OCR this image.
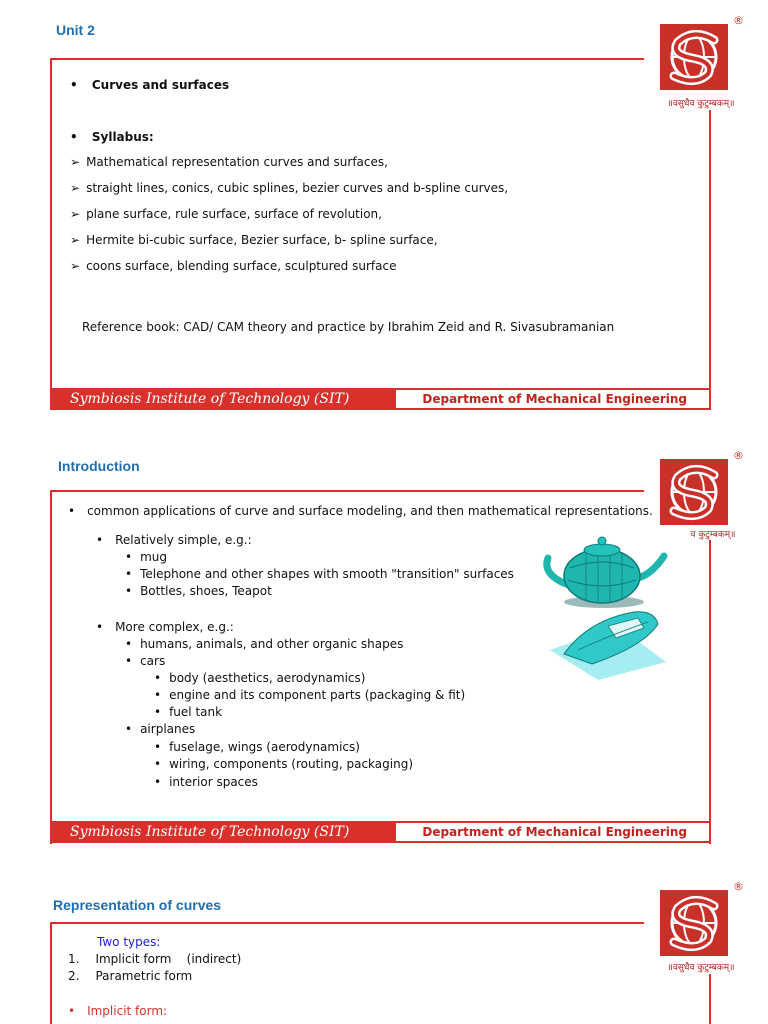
Unit 2
®
॥वसुधैव कुटुम्बकम्॥
• Curves and surfaces
• Syllabus:
➢ Mathematical representation curves and surfaces,
➢ straight lines, conics, cubic splines, bezier curves and b-spline curves,
➢ plane surface, rule surface, surface of revolution,
➢ Hermite bi-cubic surface, Bezier surface, b- spline surface,
➢ coons surface, blending surface, sculptured surface
Reference book: CAD/ CAM theory and practice by Ibrahim Zeid and R. Sivasubramanian
Symbiosis Institute of Technology (SIT)	Department of Mechanical Engineering
Introduction
®
व कुटुम्बकम्॥
• common applications of curve and surface modeling, and then mathematical representations.
• Relatively simple, e.g.:
• mug
• Telephone and other shapes with smooth "transition" surfaces
• Bottles, shoes, Teapot
• More complex, e.g.:
• humans, animals, and other organic shapes
• cars
• body (aesthetics, aerodynamics)
• engine and its component parts (packaging & fit)
• fuel tank
• airplanes
• fuselage, wings (aerodynamics)
• wiring, components (routing, packaging)
• interior spaces
Symbiosis Institute of Technology (SIT)	Department of Mechanical Engineering
Representation of curves
®
॥वसुधैव कुटुम्बकम्॥
Two types:
1. Implicit form    (indirect)
2. Parametric form
• Implicit form:
